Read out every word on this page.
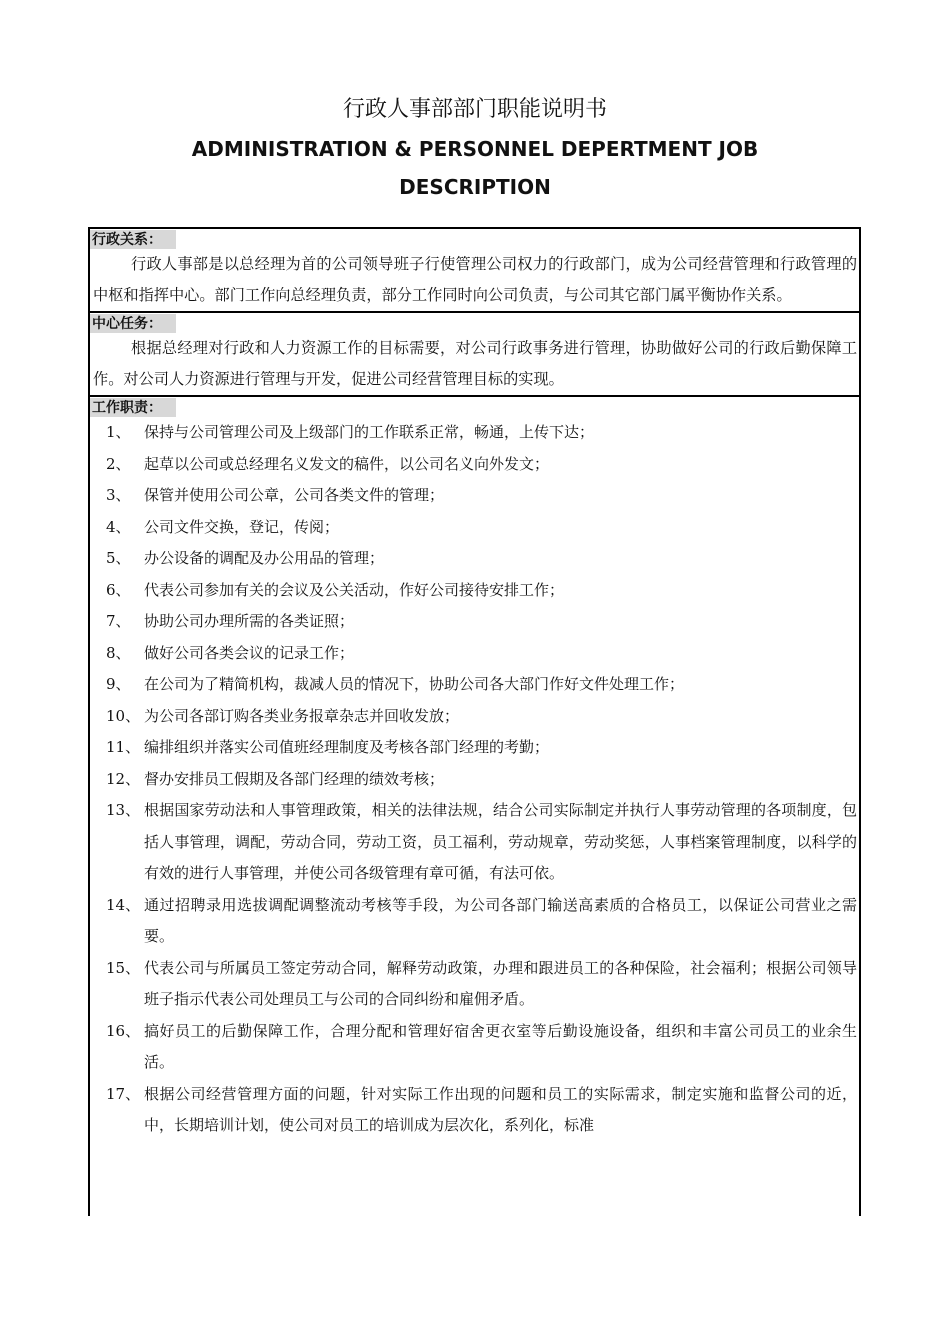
行政人事部部门职能说明书
ADMINISTRATION & PERSONNEL DEPERTMENT JOB DESCRIPTION
行政关系：
行政人事部是以总经理为首的公司领导班子行使管理公司权力的行政部门，成为公司经营管理和行政管理的中枢和指挥中心。部门工作向总经理负责，部分工作同时向公司负责，与公司其它部门属平衡协作关系。
中心任务：
根据总经理对行政和人力资源工作的目标需要，对公司行政事务进行管理，协助做好公司的行政后勤保障工作。对公司人力资源进行管理与开发，促进公司经营管理目标的实现。
工作职责：
1、 保持与公司管理公司及上级部门的工作联系正常，畅通，上传下达；
2、 起草以公司或总经理名义发文的稿件，以公司名义向外发文；
3、 保管并使用公司公章，公司各类文件的管理；
4、 公司文件交换，登记，传阅；
5、 办公设备的调配及办公用品的管理；
6、 代表公司参加有关的会议及公关活动，作好公司接待安排工作；
7、 协助公司办理所需的各类证照；
8、 做好公司各类会议的记录工作；
9、 在公司为了精简机构，裁减人员的情况下，协助公司各大部门作好文件处理工作；
10、 为公司各部订购各类业务报章杂志并回收发放；
11、 编排组织并落实公司值班经理制度及考核各部门经理的考勤；
12、 督办安排员工假期及各部门经理的绩效考核；
13、 根据国家劳动法和人事管理政策，相关的法律法规，结合公司实际制定并执行人事劳动管理的各项制度，包括人事管理，调配，劳动合同，劳动工资，员工福利，劳动规章，劳动奖惩，人事档案管理制度，以科学的有效的进行人事管理，并使公司各级管理有章可循，有法可依。
14、 通过招聘录用选拔调配调整流动考核等手段，为公司各部门输送高素质的合格员工，以保证公司营业之需要。
15、 代表公司与所属员工签定劳动合同，解释劳动政策，办理和跟进员工的各种保险，社会福利；根据公司领导班子指示代表公司处理员工与公司的合同纠纷和雇佣矛盾。
16、 搞好员工的后勤保障工作，合理分配和管理好宿舍更衣室等后勤设施设备，组织和丰富公司员工的业余生活。
17、 根据公司经营管理方面的问题，针对实际工作出现的问题和员工的实际需求，制定实施和监督公司的近，中，长期培训计划，使公司对员工的培训成为层次化，系列化，标准
